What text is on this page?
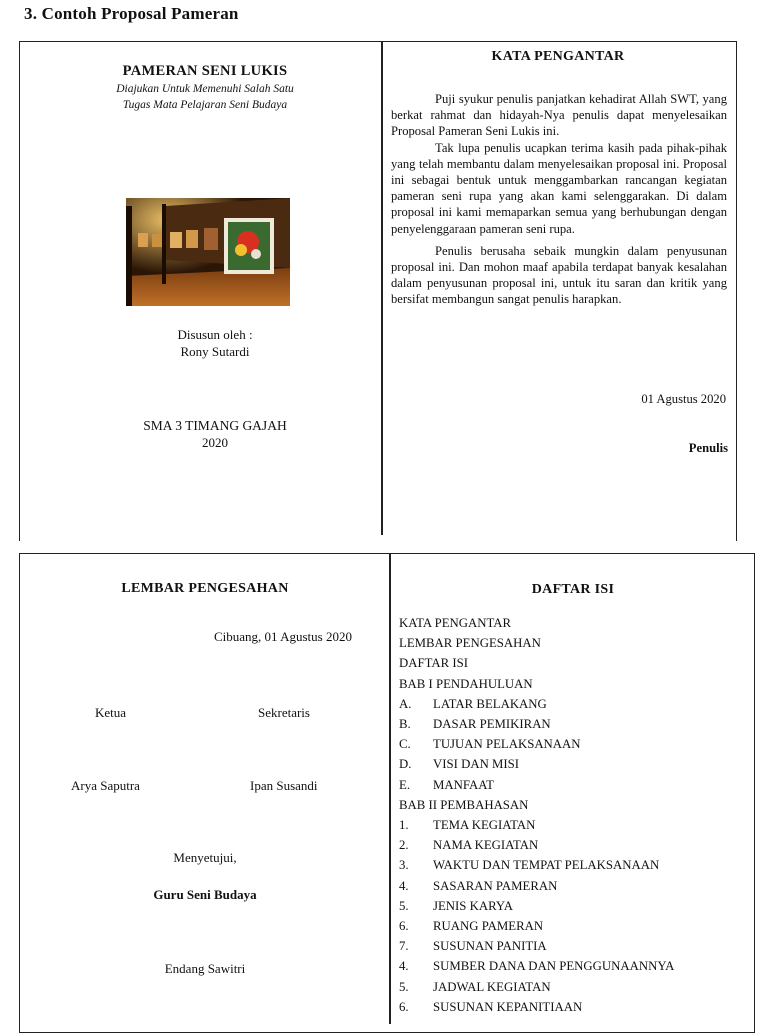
3. Contoh Proposal Pameran
PAMERAN SENI LUKIS
Diajukan Untuk Memenuhi Salah Satu
Tugas Mata Pelajaran Seni Budaya
Disusun oleh :
Rony Sutardi
SMA 3 TIMANG GAJAH
2020
KATA PENGANTAR

Puji syukur penulis panjatkan kehadirat Allah SWT, yang berkat rahmat dan hidayah-Nya penulis dapat menyelesaikan Proposal Pameran Seni Lukis ini.

Tak lupa penulis ucapkan terima kasih pada pihak-pihak yang telah membantu dalam menyelesaikan proposal ini. Proposal ini sebagai bentuk untuk menggambarkan rancangan kegiatan pameran seni rupa yang akan kami selenggarakan. Di dalam proposal ini kami memaparkan semua yang berhubungan dengan penyelenggaraan pameran seni rupa.

Penulis berusaha sebaik mungkin dalam penyusunan proposal ini. Dan mohon maaf apabila terdapat banyak kesalahan dalam penyusunan proposal ini, untuk itu saran dan kritik yang bersifat membangun sangat penulis harapkan.

01 Agustus 2020
Penulis
LEMBAR PENGESAHAN
Cibuang, 01 Agustus 2020
Ketua	Sekretaris
Arya Saputra	Ipan Susandi
Menyetujui,
Guru Seni Budaya
Endang Sawitri
DAFTAR ISI
KATA PENGANTAR
LEMBAR PENGESAHAN
DAFTAR ISI
BAB I PENDAHULUAN
A. LATAR BELAKANG
B. DASAR PEMIKIRAN
C. TUJUAN PELAKSANAAN
D. VISI DAN MISI
E. MANFAAT
BAB II PEMBAHASAN
1. TEMA KEGIATAN
2. NAMA KEGIATAN
3. WAKTU DAN TEMPAT PELAKSANAAN
4. SASARAN PAMERAN
5. JENIS KARYA
6. RUANG PAMERAN
7. SUSUNAN PANITIA
4. SUMBER DANA DAN PENGGUNAANNYA
5. JADWAL KEGIATAN
6. SUSUNAN KEPANITIAAN
